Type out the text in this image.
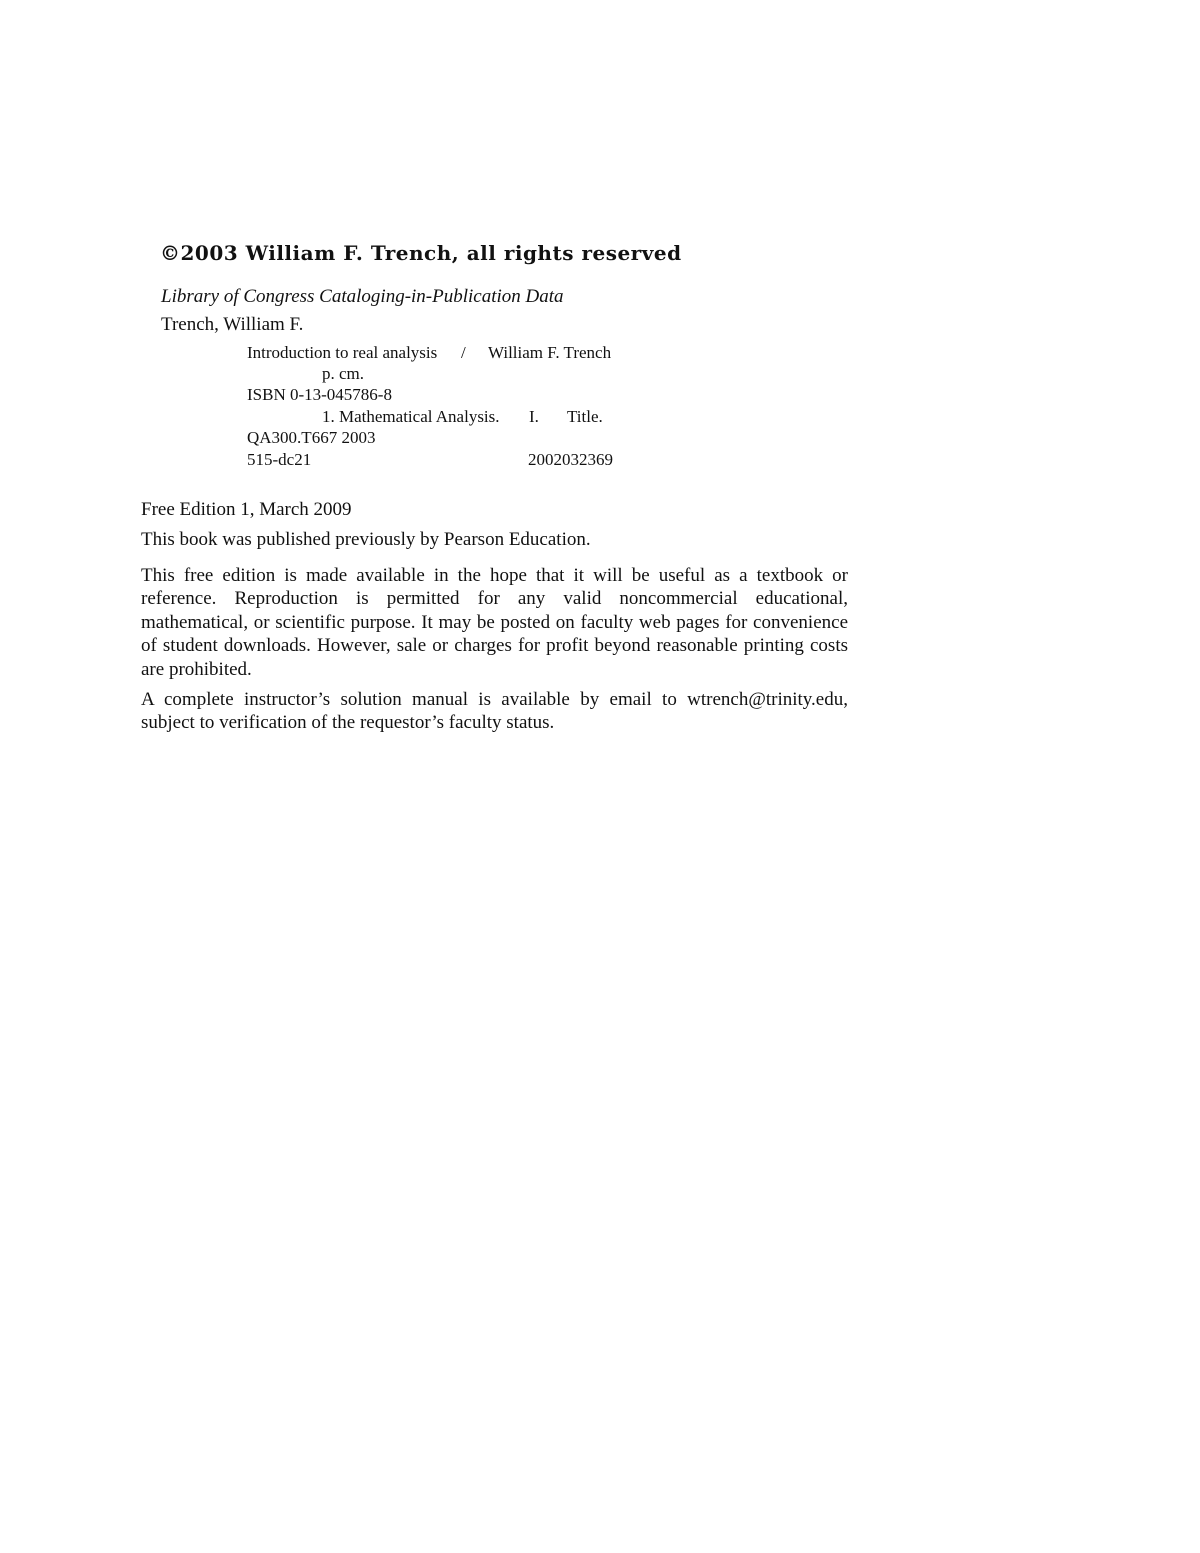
©2003 William F. Trench, all rights reserved
Library of Congress Cataloging-in-Publication Data
Trench, William F.
Introduction to real analysis / William F. Trench
p. cm.
ISBN 0-13-045786-8
1. Mathematical Analysis. I. Title.
QA300.T667 2003
515-dc21	2002032369
Free Edition 1, March 2009
This book was published previously by Pearson Education.
This free edition is made available in the hope that it will be useful as a textbook or reference. Reproduction is permitted for any valid noncommercial educational, mathematical, or scientific purpose. It may be posted on faculty web pages for convenience of student downloads. However, sale or charges for profit beyond reasonable printing costs are prohibited.
A complete instructor’s solution manual is available by email to wtrench@trinity.edu, subject to verification of the requestor’s faculty status.
